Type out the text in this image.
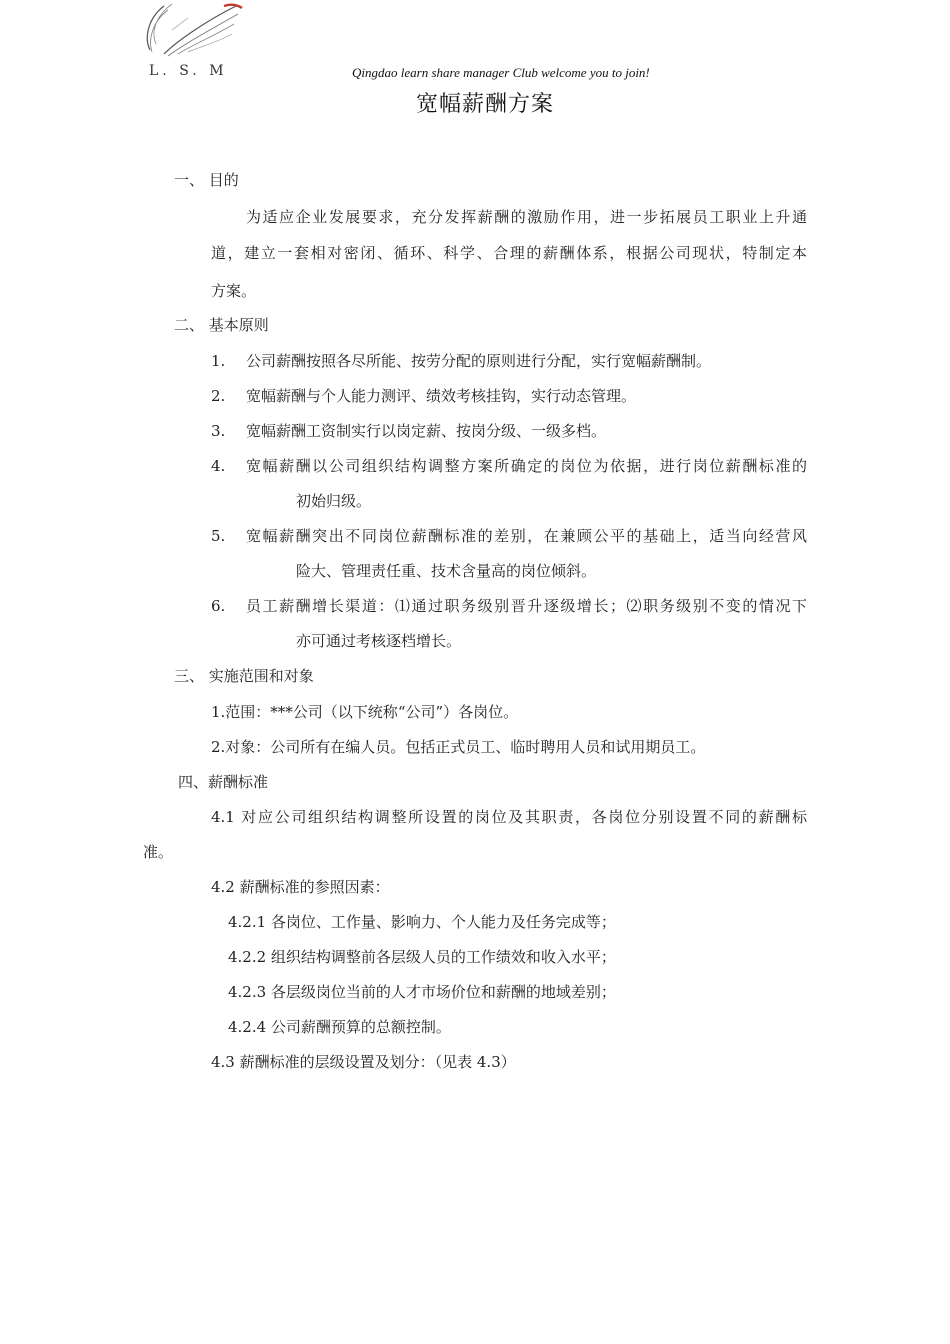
L. S. M	Qingdao learn share manager Club welcome you to join!
宽幅薪酬方案
一、 目的
为适应企业发展要求，充分发挥薪酬的激励作用，进一步拓展员工职业上升通
道，建立一套相对密闭、循环、科学、合理的薪酬体系，根据公司现状，特制定本
方案。
二、 基本原则
1. 公司薪酬按照各尽所能、按劳分配的原则进行分配，实行宽幅薪酬制。
2. 宽幅薪酬与个人能力测评、绩效考核挂钩，实行动态管理。
3. 宽幅薪酬工资制实行以岗定薪、按岗分级、一级多档。
4. 宽幅薪酬以公司组织结构调整方案所确定的岗位为依据，进行岗位薪酬标准的
初始归级。
5. 宽幅薪酬突出不同岗位薪酬标准的差别，在兼顾公平的基础上，适当向经营风
险大、管理责任重、技术含量高的岗位倾斜。
6. 员工薪酬增长渠道：⑴通过职务级别晋升逐级增长；⑵职务级别不变的情况下
亦可通过考核逐档增长。
三、 实施范围和对象
1.范围：***公司（以下统称“公司”）各岗位。
2.对象：公司所有在编人员。包括正式员工、临时聘用人员和试用期员工。
四、薪酬标准
4.1 对应公司组织结构调整所设置的岗位及其职责，各岗位分别设置不同的薪酬标
准。
4.2 薪酬标准的参照因素：
4.2.1 各岗位、工作量、影响力、个人能力及任务完成等；
4.2.2 组织结构调整前各层级人员的工作绩效和收入水平；
4.2.3 各层级岗位当前的人才市场价位和薪酬的地域差别；
4.2.4 公司薪酬预算的总额控制。
4.3 薪酬标准的层级设置及划分：（见表 4.3）
